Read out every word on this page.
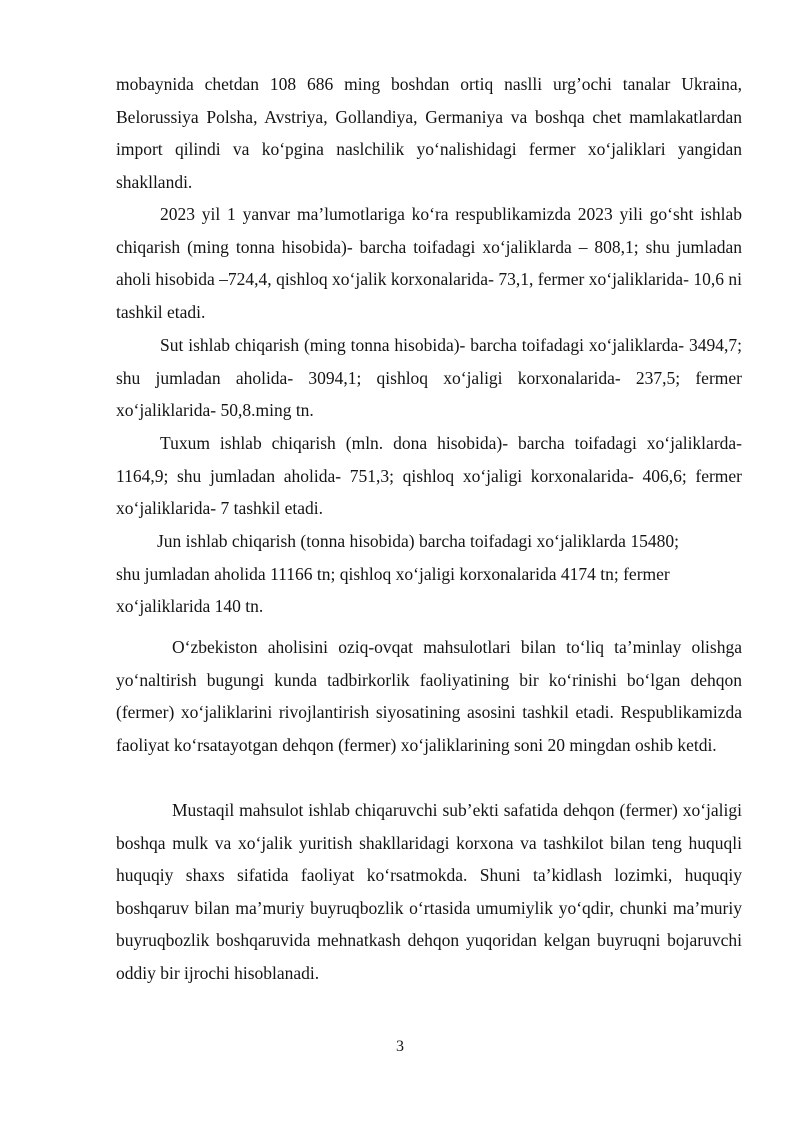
mobaynida chetdan 108 686 ming boshdan ortiq naslli urg’ochi tanalar Ukraina, Belorussiya Polsha, Avstriya, Gollandiya, Germaniya va boshqa chet mamlakatlardan import qilindi va ko‘pgina naslchilik yo‘nalishidagi fermer xo‘jaliklari yangidan shakllandi.

2023 yil 1 yanvar ma’lumotlariga ko‘ra respublikamizda 2023 yili go‘sht ishlab chiqarish (ming tonna hisobida)- barcha toifadagi xo‘jaliklarda – 808,1; shu jumladan aholi hisobida –724,4, qishloq xo‘jalik korxonalarida- 73,1, fermer xo‘jaliklarida- 10,6 ni tashkil etadi.

Sut ishlab chiqarish (ming tonna hisobida)- barcha toifadagi xo‘jaliklarda- 3494,7; shu jumladan aholida- 3094,1; qishloq xo‘jaligi korxonalarida- 237,5; fermer xo‘jaliklarida- 50,8.ming tn.

Tuxum ishlab chiqarish (mln. dona hisobida)- barcha toifadagi xo‘jaliklarda- 1164,9; shu jumladan aholida- 751,3; qishloq xo‘jaligi korxonalarida- 406,6; fermer xo‘jaliklarida- 7 tashkil etadi.

Jun ishlab chiqarish (tonna hisobida) barcha toifadagi xo‘jaliklarda 15480;
shu jumladan aholida 11166 tn; qishloq xo‘jaligi korxonalarida 4174 tn; fermer
xo‘jaliklarida 140 tn.

O‘zbekiston aholisini oziq-ovqat mahsulotlari bilan to‘liq ta’minlay olishga yo‘naltirish bugungi kunda tadbirkorlik faoliyatining bir ko‘rinishi bo‘lgan dehqon (fermer) xo‘jaliklarini rivojlantirish siyosatining asosini tashkil etadi. Respublikamizda faoliyat ko‘rsatayotgan dehqon (fermer) xo‘jaliklarining soni 20 mingdan oshib ketdi.

Mustaqil mahsulot ishlab chiqaruvchi sub’ekti safatida dehqon (fermer) xo‘jaligi boshqa mulk va xo‘jalik yuritish shakllaridagi korxona va tashkilot bilan teng huquqli huquqiy shaxs sifatida faoliyat ko‘rsatmokda. Shuni ta’kidlash lozimki, huquqiy boshqaruv bilan ma’muriy buyruqbozlik o‘rtasida umumiylik yo‘qdir, chunki ma’muriy buyruqbozlik boshqaruvida mehnatkash dehqon yuqoridan kelgan buyruqni bojaruvchi oddiy bir ijrochi hisoblanadi.

3
